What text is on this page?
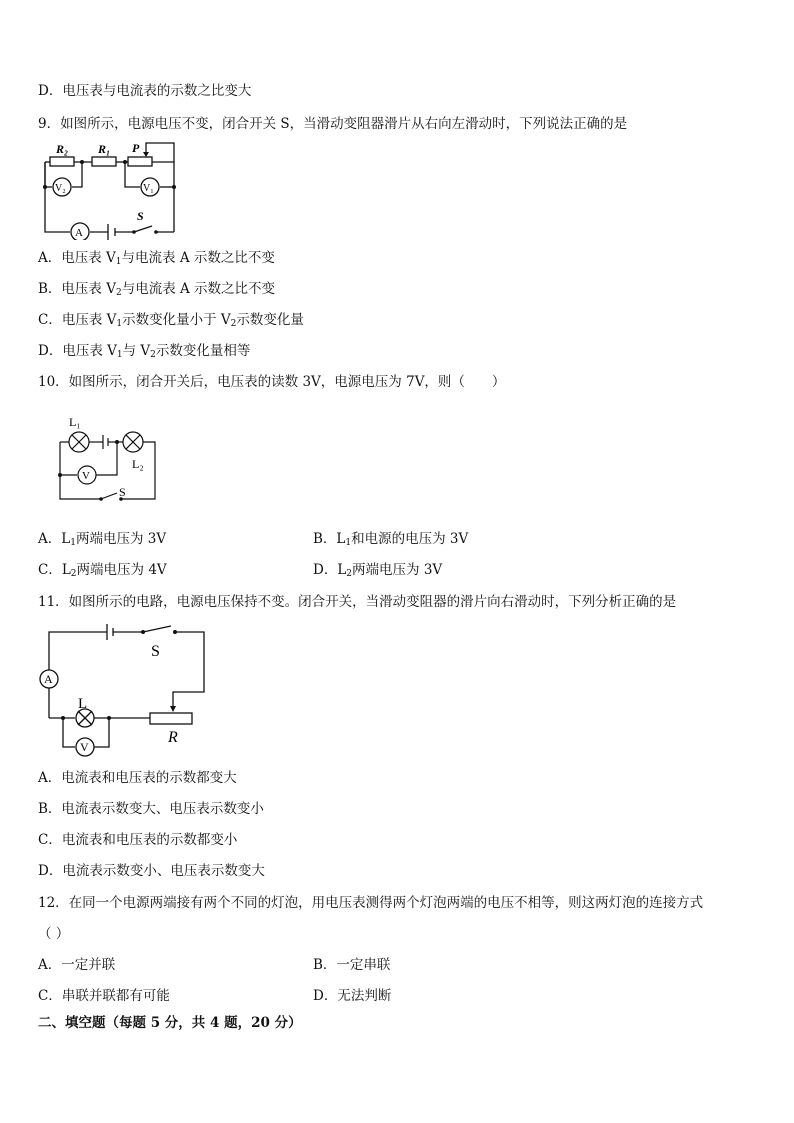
D．电压表与电流表的示数之比变大
9．如图所示，电源电压不变，闭合开关 S，当滑动变阻器滑片从右向左滑动时，下列说法正确的是
R₂ R₁ P
V₂	V₁
A
S
A．电压表 $V_1$与电流表 A 示数之比不变
B．电压表 $V_2$与电流表 A 示数之比不变
C．电压表 $V_1$示数变化量小于 $V_2$示数变化量
D．电压表 $V_1$与 $V_2$示数变化量相等
10．如图所示，闭合开关后，电压表的读数 3V，电源电压为 7V，则（　　）
L₁
L₂
V
S
A．$L_1$两端电压为 3V	B．$L_1$和电源的电压为 3V
C．$L_2$两端电压为 4V	D．$L_2$两端电压为 3V
11．如图所示的电路，电源电压保持不变。闭合开关，当滑动变阻器的滑片向右滑动时，下列分析正确的是
A
S
L
V
R
A．电流表和电压表的示数都变大
B．电流表示数变大、电压表示数变小
C．电流表和电压表的示数都变小
D．电流表示数变小、电压表示数变大
12．在同一个电源两端接有两个不同的灯泡，用电压表测得两个灯泡两端的电压不相等，则这两灯泡的连接方式
（ ）
A．一定并联	B．一定串联
C．串联并联都有可能	D．无法判断
二、填空题（每题 5 分，共 4 题，20 分）
